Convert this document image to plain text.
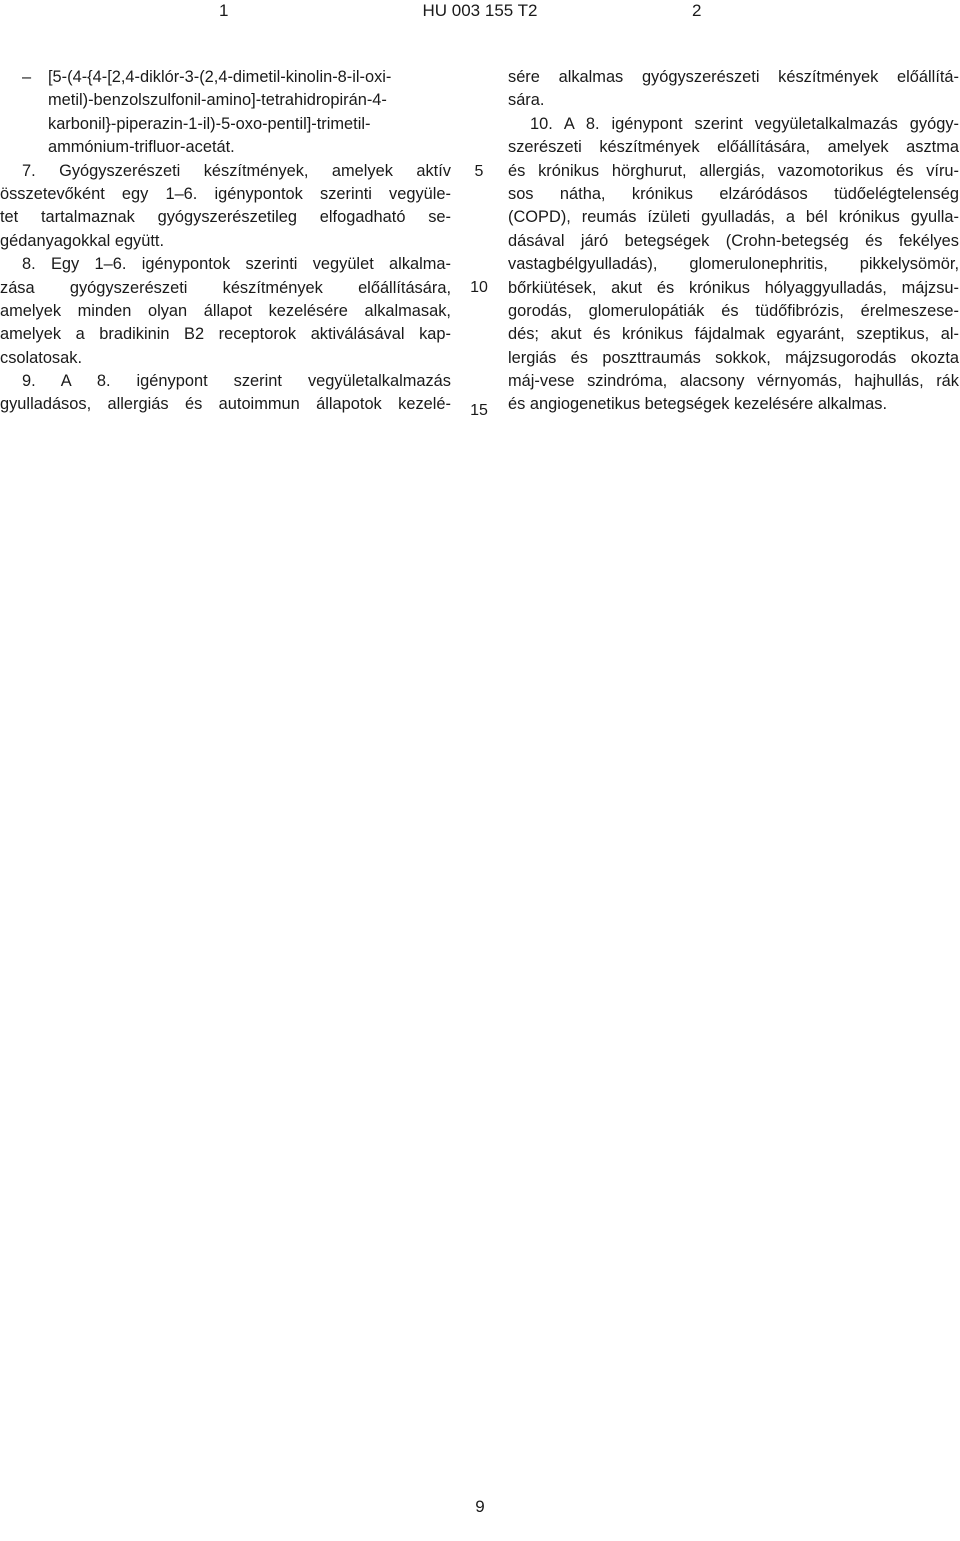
1	HU 003 155 T2	2
– [5-(4-{4-[2,4-diklór-3-(2,4-dimetil-kinolin-8-il-oxi-
metil)-benzolszulfonil-amino]-tetrahidropirán-4-
karbonil}-piperazin-1-il)-5-oxo-pentil]-trimetil-
ammónium-trifluor-acetát.
7. Gyógyszerészeti készítmények, amelyek aktív
összetevőként egy 1–6. igénypontok szerinti vegyüle-
tet tartalmaznak gyógyszerészetileg elfogadható se-
gédanyagokkal együtt.
8. Egy 1–6. igénypontok szerinti vegyület alkalma-
zása gyógyszerészeti készítmények előállítására,
amelyek minden olyan állapot kezelésére alkalmasak,
amelyek a bradikinin B2 receptorok aktiválásával kap-
csolatosak.
9. A 8. igénypont szerint vegyületalkalmazás
gyulladásos, allergiás és autoimmun állapotok kezelé-
5
10
15
sére alkalmas gyógyszerészeti készítmények előállítá-
sára.
10. A 8. igénypont szerint vegyületalkalmazás gyógy-
szerészeti készítmények előállítására, amelyek asztma
és krónikus hörghurut, allergiás, vazomotorikus és víru-
sos nátha, krónikus elzáródásos tüdőelégtelenség
(COPD), reumás ízületi gyulladás, a bél krónikus gyulla-
dásával járó betegségek (Crohn-betegség és fekélyes
vastagbélgyulladás), glomerulonephritis, pikkelysömör,
bőrkiütések, akut és krónikus hólyaggyulladás, májzsu-
gorodás, glomerulopátiák és tüdőfibrózis, érelmeszese-
dés; akut és krónikus fájdalmak egyaránt, szeptikus, al-
lergiás és poszttraumás sokkok, májzsugorodás okozta
máj-vese szindróma, alacsony vérnyomás, hajhullás, rák
és angiogenetikus betegségek kezelésére alkalmas.
9
